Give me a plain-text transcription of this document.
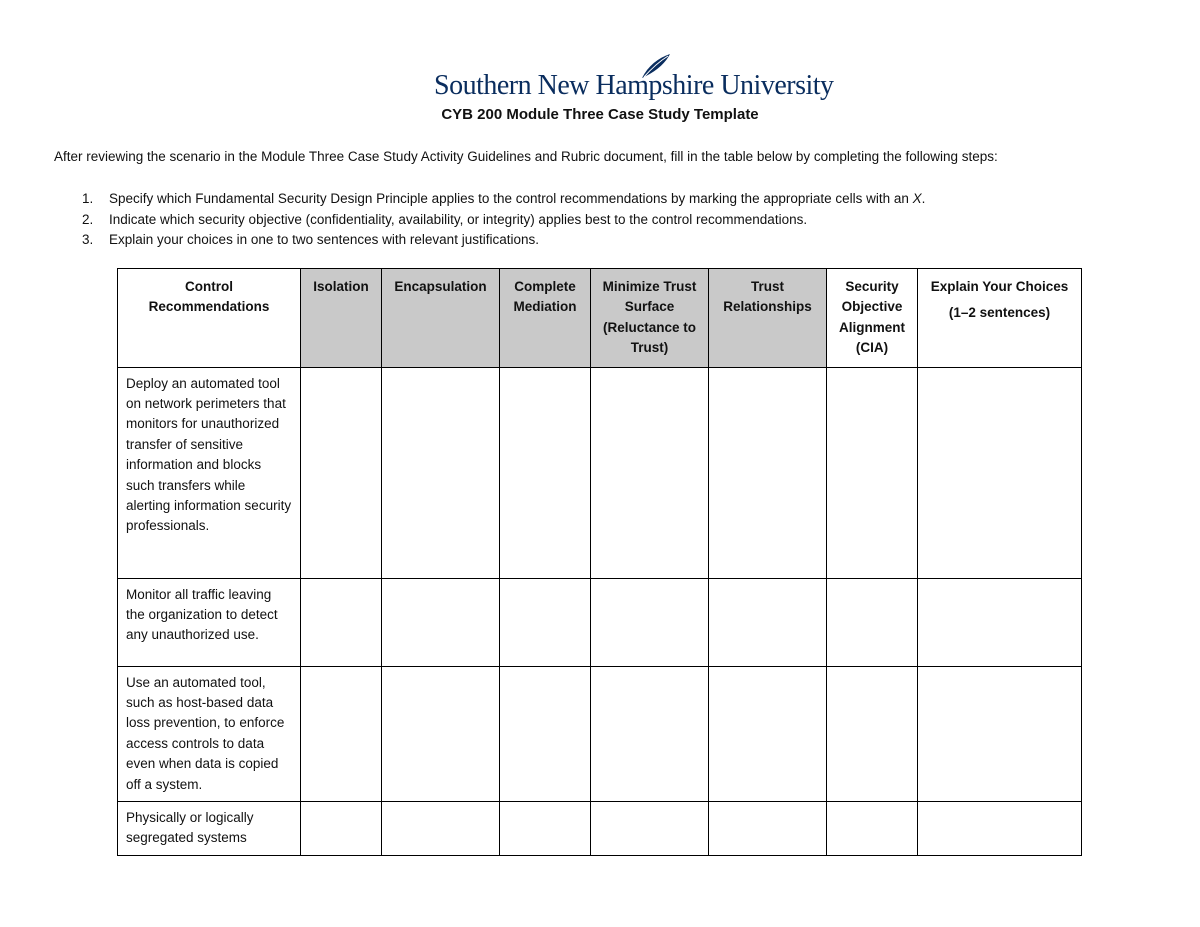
Southern New Hampshire University
CYB 200 Module Three Case Study Template
After reviewing the scenario in the Module Three Case Study Activity Guidelines and Rubric document, fill in the table below by completing the following steps:
1. Specify which Fundamental Security Design Principle applies to the control recommendations by marking the appropriate cells with an X.
2. Indicate which security objective (confidentiality, availability, or integrity) applies best to the control recommendations.
3. Explain your choices in one to two sentences with relevant justifications.
Control Recommendations	Isolation	Encapsulation	Complete Mediation	Minimize Trust Surface (Reluctance to Trust)	Trust Relationships	Security Objective Alignment (CIA)	Explain Your Choices
(1–2 sentences)

Deploy an automated tool on network perimeters that monitors for unauthorized transfer of sensitive information and blocks such transfers while alerting information security professionals.							
Monitor all traffic leaving the organization to detect any unauthorized use.							
Use an automated tool, such as host-based data loss prevention, to enforce access controls to data even when data is copied off a system.							
Physically or logically segregated systems							
